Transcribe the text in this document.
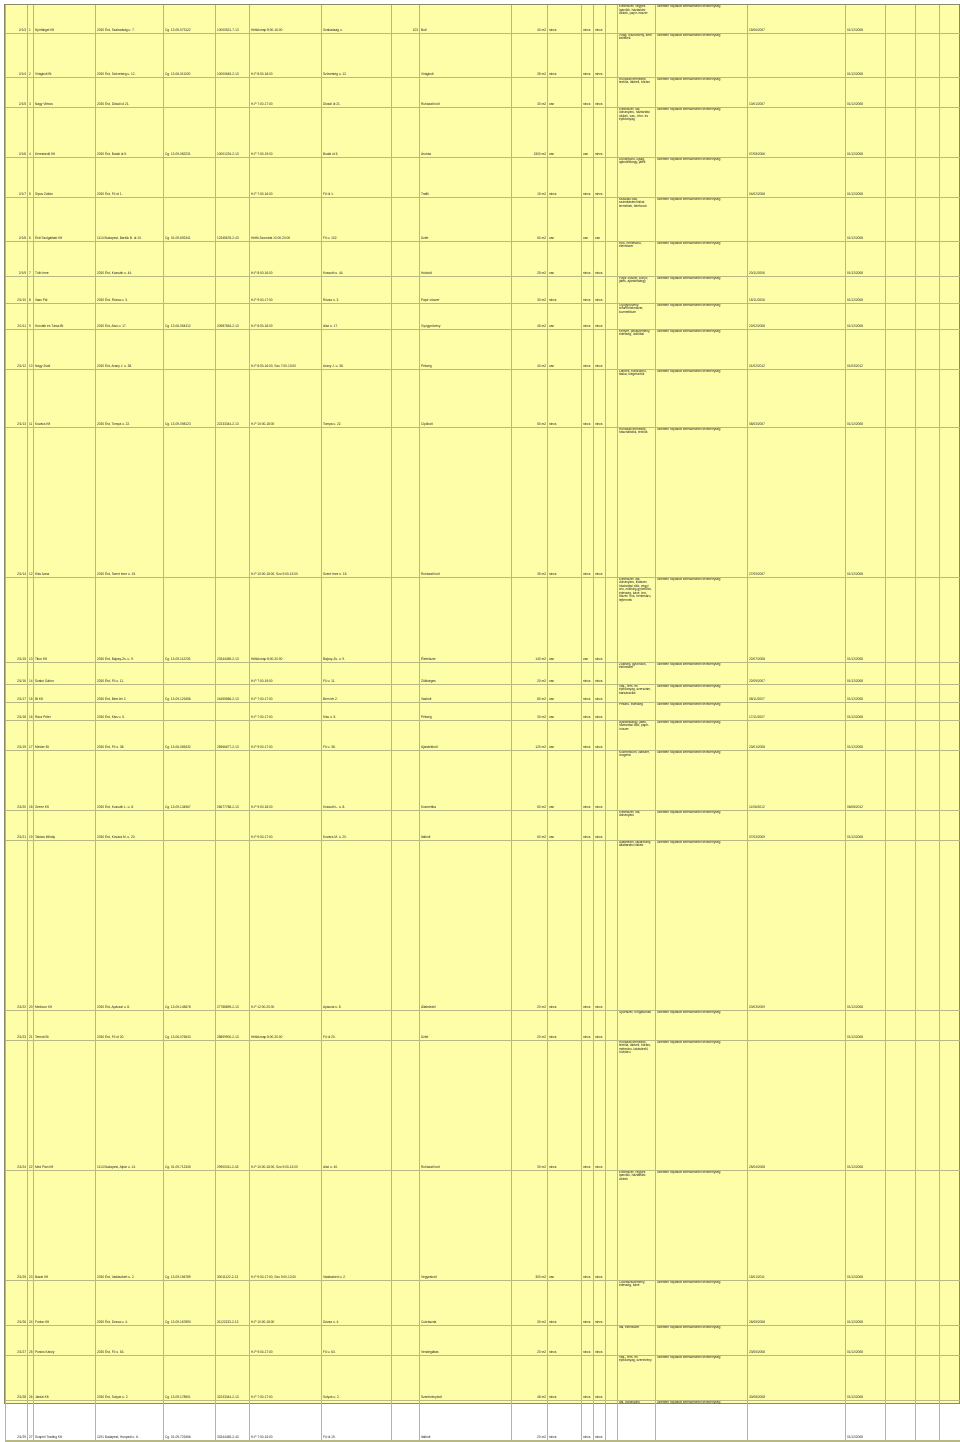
2/1/3	1	Nyírfaliget Kft	2030 Érd, Szabadság u. 7.	Cg. 13-09-073122	10000521-7-13	Hétköznap 8:00-16:00	Szabadság u.	103	Bolt	40 m2	nincs	nincs	nincs		Élelmiszer, vegyes iparcikk, háztartási cikkek, papír-írószer	üzletben folytatott kereskedelmi tevékenység	15/06/2007	01/12/2008			
2/1/4	2	Virágbolt Bt	2030 Érd, Szövetség u. 12.	Cg. 13-06-011020	10000645-2-13	H-P 8:00-18:00	Szövetség u. 12.		Virágbolt	35 m2	nincs	nincs	nincs		Virág, dísznövény, kerti kellékek	üzletben folytatott kereskedelmi tevékenység		01/12/2008			
2/1/5	3	Nagy Vilmos	2030 Érd, Diósdi út 21.			H-P 7:00-17:00	Diósdi út 21.		Ruházati bolt	30 m2	van	nincs	nincs		Ruházati termékek, textília, lábbeli, bőráru	üzletben folytatott kereskedelmi tevékenység	10/01/2007	01/12/2008			
2/1/6	4	Kereskedő Kft	2030 Érd, Budai út 5.	Cg. 13-09-082231	10001234-2-13	H-P 7:00-19:00	Budai út 5.		Áruház	1500 m2	van	van	nincs		Élelmiszer, ital, dohányáru, háztartási cikkek, vas-, fém- és építőanyag	üzletben folytatott kereskedelmi tevékenység	07/08/2006	01/12/2008			
2/1/7	5	Sipos Zoltán	2030 Érd, Fő út 1.			H-P 7:00-16:00	Fő út 1.		Trafik	15 m2	nincs	nincs	nincs		Dohányáru, újság, ajándéktárgy, játék	üzletben folytatott kereskedelmi tevékenység	04/02/2008	01/12/2008			
2/1/8	6	Érdi Szolgáltató Kft	1114 Budapest, Bartók B. út 10.	Cg. 01-09-692341	12345678-2-43	Hétfő-Szombat 10:00-20:00	Fő u. 102.		Üzlet	60 m2	van	van	van		Műszaki cikk, számítástechnikai termékek, telefonok	üzletben folytatott kereskedelmi tevékenység		01/12/2008			
2/1/9	7	Tóth Imre	2030 Érd, Kossuth u. 44.			H-P 8:00-16:00	Kossuth u. 44.		Húsbolt	25 m2	van	nincs	nincs		Hús, hentesáru, élelmiszer	üzletben folytatott kereskedelmi tevékenység	20/11/2006	01/12/2008			
2/1/10	8	Vass Pál	2030 Érd, Rózsa u. 3.			H-P 9:00-17:00	Rózsa u. 3.		Papír-írószer	30 m2	nincs	nincs	nincs		Papír-írószer, könyv, játék, ajándéktárgy	üzletben folytatott kereskedelmi tevékenység	15/11/2006	01/12/2008			
2/1/11	9	Horváth és Társa Bt	2030 Érd, Alsó u. 17.	Cg. 13-06-054312	20987654-2-13	H-P 8:00-18:00	Alsó u. 17.		Gyógynövény	45 m2	van	nincs	nincs		Gyógynövény, reformélelmiszer, kozmetikum	üzletben folytatott kereskedelmi tevékenység	22/02/2008	01/12/2008			
2/1/12	10	Nagy Zsolt	2030 Érd, Arany J. u. 38.			H-P 8:00-16:00, Szo 7:00-13:00	Arany J. u. 38.		Pékség	40 m2	van	nincs	nincs		Kenyér, péksütemény, édesség, üdítőital	üzletben folytatott kereskedelmi tevékenység	01/02/2012	01/03/2012			
2/1/13	11	Kovács Kft	2030 Érd, Tompa u. 22.	Cg. 13-09-098123	22233344-2-13	H-P 10:00-18:00	Tompa u. 22.		Cipőbolt	50 m2	nincs	nincs	nincs		Lábbeli, bőrdíszmű, táska, kiegészítők	üzletben folytatott kereskedelmi tevékenység	08/03/2007	01/12/2008			
2/1/14	12	Kiss Anna	2030 Érd, Szent Imre u. 15.			H-P 10:00-18:00, Szo 9:00-13:00	Szent Imre u. 15.		Ruházati bolt	35 m2	nincs	nincs	nincs		Ruházati termékek, használtcikk, textília	üzletben folytatott kereskedelmi tevékenység	27/09/2007	01/12/2008			
2/1/15	13	Tibor Kft	2030 Érd, Bajcsy-Zs. u. 9.	Cg. 13-09-112233	23344455-2-13	Hétköznap 8:00-20:00	Bajcsy-Zs. u. 9.		Élelmiszer	140 m2	van	van	nincs		Élelmiszer, ital, dohányáru, illatszer, háztartási cikk, vegyi áru, zöldség-gyümölcs, édesség, kávé, tea, fűszer, hús, hentesáru, tejtermék	üzletben folytatott kereskedelmi tevékenység	22/07/2008	01/12/2008			
2/1/16	14	Szabó Gábor	2030 Érd, Fő u. 11.			H-P 7:00-19:00	Fő u. 11.		Zöldséges	20 m2	van	nincs	nincs		Zöldség, gyümölcs, élelmiszer	üzletben folytatott kereskedelmi tevékenység	22/09/2007	01/12/2008			
2/1/17	15	Bt Kft	2030 Érd, Bem tér 2.	Cg. 13-09-123456	24455566-2-13	H-P 7:00-17:00	Bem tér 2.		Vasbolt	80 m2	van	nincs	nincs		Vas-, fém- és építőanyag, szerszám, barkácscikk	üzletben folytatott kereskedelmi tevékenység	08/11/2007	01/12/2008			
2/1/18	16	Rácz Péter	2030 Érd, Kiss u. 5.			H-P 7:00-17:00	Kiss u. 5.		Pékség	30 m2	van	nincs	nincs		Pékáru, édesség	üzletben folytatott kereskedelmi tevékenység	17/11/2007	01/12/2008			
2/1/19	17	Mester Bt	2030 Érd, Fő u. 38.	Cg. 13-06-065432	25566677-2-13	H-P 9:00-17:00	Fő u. 38.		Ajándékbolt	120 m2	van	nincs	nincs		Ajándéktárgy, játék, háztartási cikk, papír-írószer	üzletben folytatott kereskedelmi tevékenység	23/01/2008	01/12/2008			
2/1/20	18	Green Kft	2030 Érd, Kossuth L. u. 8.	Cg. 13-09-134567	26677788-2-13	H-P 9:00-18:00	Kossuth L. u. 8.		Kozmetika	60 m2	van	nincs	nincs		Kozmetikum, illatszer, drogéria	üzletben folytatott kereskedelmi tevékenység	11/06/2012	06/08/2012			
2/1/21	19	Takács Mihály	2030 Érd, Kovács M. u. 20.			H-P 9:00-17:00	Kovács M. u. 20.		Italbolt	60 m2	van	nincs	nincs		Élelmiszer, ital, dohányáru	üzletben folytatott kereskedelmi tevékenység	07/03/2009	01/12/2008			
2/1/22	20	Medicon Kft	2030 Érd, Apáczai u. 8.	Cg. 13-09-145678	27788899-2-13	H-P 12:00-20:00	Apáczai u. 8.		Állateledel	20 m2	nincs	nincs	nincs		Állateledel, takarmány, állattartási cikkek	üzletben folytatott kereskedelmi tevékenység	20/03/2009	01/12/2008			
2/1/23	21	Termál Bt	2030 Érd, Fő út 20.	Cg. 13-06-076543	28899900-2-13	Hétköznap 8:00-20:00	Fő út 20.		Üzlet	20 m2	nincs	nincs	nincs		Sportszer, horgászcikk	üzletben folytatott kereskedelmi tevékenység		01/12/2008			
2/1/24	22	Med Plan Kft	1114 Budapest, Alpár u. 14.	Cg. 01-09-712345	29900011-2-43	H-P 10:00-18:00, Szo 9:00-13:00	Alsó u. 40.		Ruházati bolt	30 m2	nincs	nincs	nincs		Ruházati termékek, textília, lábbeli, bőráru, méteráru, lakástextil, rövidáru	üzletben folytatott kereskedelmi tevékenység	25/04/2008	01/12/2008			
2/1/25	23	Bazár Kft	2030 Érd, Vadászkert u. 2.	Cg. 13-09-156789	30011122-2-13	H-P 9:00-17:00, Szo 9:00-12:00	Vadászkert u. 2.		Vegyesbolt	300 m2	van	nincs	nincs		Élelmiszer, vegyes iparcikk, háztartási cikkek	üzletben folytatott kereskedelmi tevékenység	15/01/2011	01/12/2008			
2/1/26	24	Fortun Kft	2030 Érd, Dózsa u. 4.	Cg. 13-09-167890	31122233-2-13	H-P 10:00-18:00	Dózsa u. 4.		Cukrászda	30 m2	nincs	nincs	nincs		Cukrászsütemény, édesség, kávé	üzletben folytatott kereskedelmi tevékenység	26/05/2008	01/12/2008			
2/1/27	25	Ponics Károly	2030 Érd, Fő u. 63.			H-P 9:00-17:00	Fő u. 63.		Vendéglátás	20 m2	nincs	nincs	nincs		Ital, élelmiszer	üzletben folytatott kereskedelmi tevékenység	23/05/2008	01/12/2008			
2/1/28	26	Járdai Kft	2030 Érd, Sulyok u. 2.	Cg. 13-09-178901	32233344-2-13	H-P 7:00-17:00	Sulyok u. 2.		Szerelvénybolt	48 m2	nincs	nincs	nincs		Vas-, fém- és építőanyag, szerelvény	üzletben folytatott kereskedelmi tevékenység	30/08/2008	01/12/2008			
2/1/29	27	Scapini Trading Kft	1191 Budapest, Hunyadi u. 6.	Cg. 01-09-723456	33344455-2-43	H-P 7:00-15:00	Fő út 19.		Italbolt	20 m2	nincs	nincs	nincs		Ital, dohányáru	üzletben folytatott kereskedelmi tevékenység		01/12/2008			
